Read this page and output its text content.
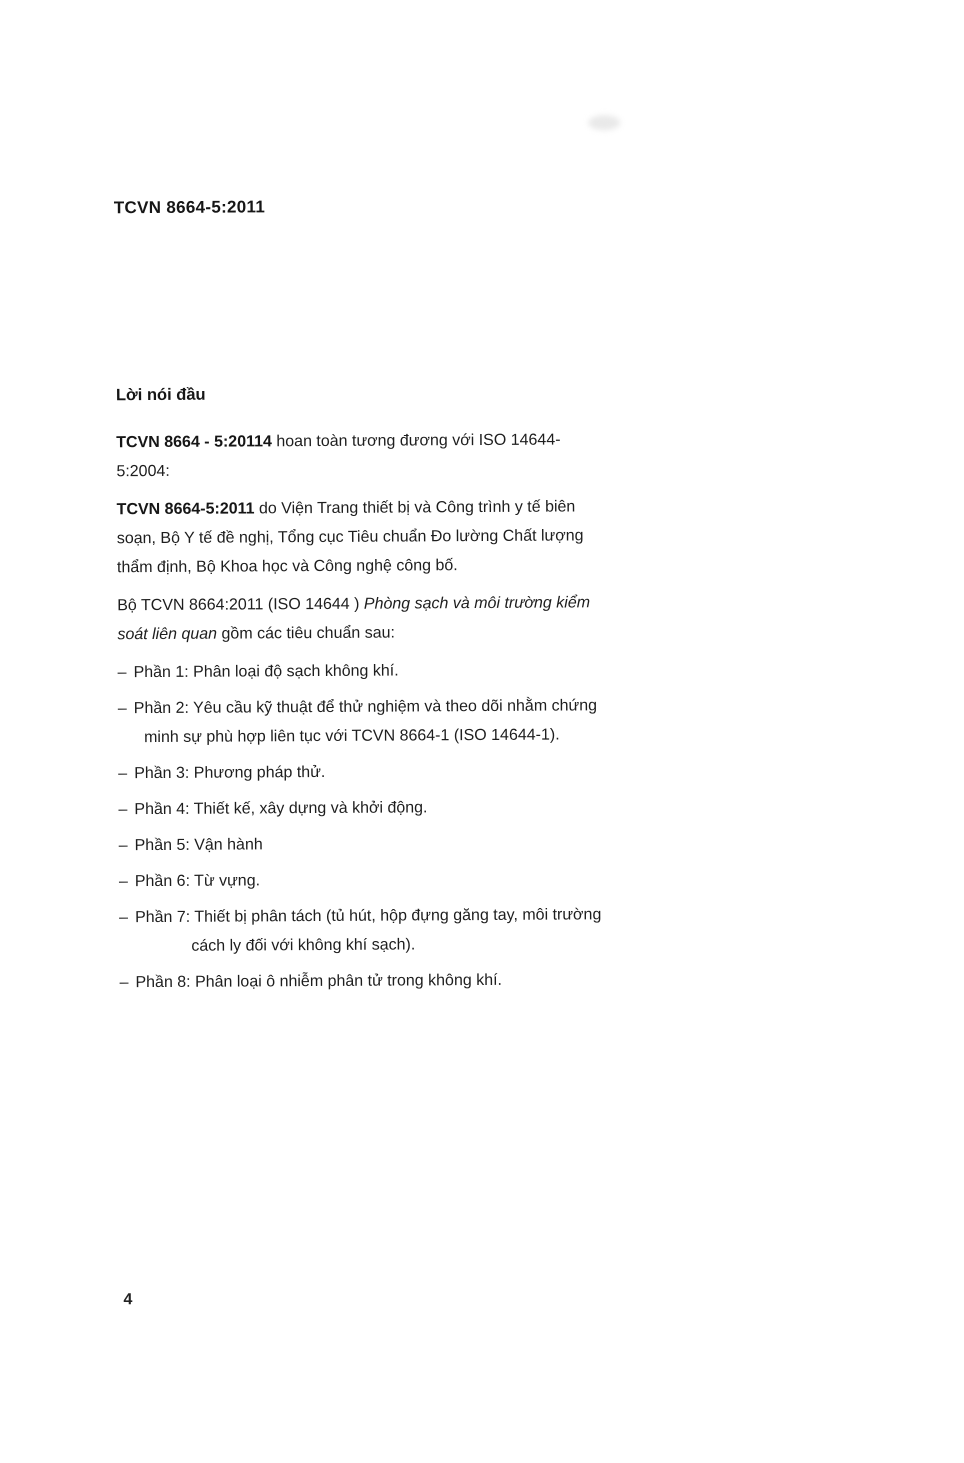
TCVN 8664-5:2011
Lời nói đầu

TCVN 8664 - 5:20114 hoan toàn tương đương với ISO 14644-5:2004:

TCVN 8664-5:2011 do Viện Trang thiết bị và Công trình y tế biên soạn, Bộ Y tế đề nghị, Tổng cục Tiêu chuẩn Đo lường Chất lượng thẩm định, Bộ Khoa học và Công nghệ công bố.

Bộ TCVN 8664:2011 (ISO 14644 ) Phòng sạch và môi trường kiểm soát liên quan gồm các tiêu chuẩn sau:

– Phần 1: Phân loại độ sạch không khí.
– Phần 2: Yêu cầu kỹ thuật để thử nghiệm và theo dõi nhằm chứng minh sự phù hợp liên tục với TCVN 8664-1 (ISO 14644-1).
– Phần 3: Phương pháp thử.
– Phần 4: Thiết kế, xây dựng và khởi động.
– Phần 5: Vận hành
– Phần 6: Từ vựng.
– Phần 7: Thiết bị phân tách (tủ hút, hộp đựng găng tay, môi trường cách ly đối với không khí sạch).
– Phần 8: Phân loại ô nhiễm phân tử trong không khí.
4
